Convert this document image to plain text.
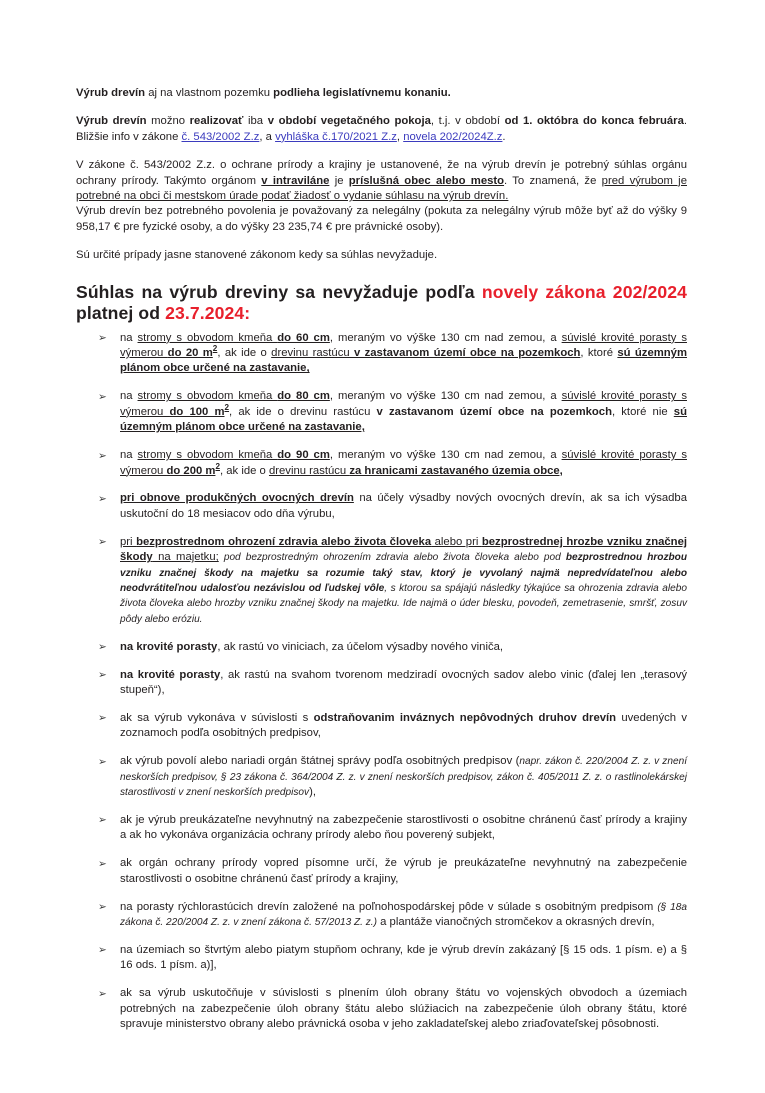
Výrub drevín aj na vlastnom pozemku podlieha legislatívnemu konaniu.

Výrub drevín možno realizovať iba v období vegetačného pokoja, t.j. v období od 1. októbra do konca februára. Bližšie info v zákone č. 543/2002 Z.z, a vyhláška č.170/2021 Z.z, novela 202/2024Z.z.

V zákone č. 543/2002 Z.z. o ochrane prírody a krajiny je ustanovené, že na výrub drevín je potrebný súhlas orgánu ochrany prírody. Takýmto orgánom v intraviláne je príslušná obec alebo mesto. To znamená, že pred výrubom je potrebné na obci či mestskom úrade podať žiadosť o vydanie súhlasu na výrub drevín.

Výrub drevín bez potrebného povolenia je považovaný za nelegálny (pokuta za nelegálny výrub môže byť až do výšky 9 958,17 € pre fyzické osoby, a do výšky 23 235,74 € pre právnické osoby).

Sú určité prípady jasne stanovené zákonom kedy sa súhlas nevyžaduje.

Súhlas na výrub dreviny sa nevyžaduje podľa novely zákona 202/2024 platnej od 23.7.2024:
➢	na stromy s obvodom kmeňa do 60 cm, meraným vo výške 130 cm nad zemou, a súvislé krovité porasty s výmerou do 20 $m^2$, ak ide o drevinu rastúcu v zastavanom území obce na pozemkoch, ktoré sú územným plánom obce určené na zastavanie,
➢	na stromy s obvodom kmeňa do 80 cm, meraným vo výške 130 cm nad zemou, a súvislé krovité porasty s výmerou do 100 $m^2$, ak ide o drevinu rastúcu v zastavanom území obce na pozemkoch, ktoré nie sú územným plánom obce určené na zastavanie,
➢	na stromy s obvodom kmeňa do 90 cm, meraným vo výške 130 cm nad zemou, a súvislé krovité porasty s výmerou do 200 $m^2$, ak ide o drevinu rastúcu za hranicami zastavaného územia obce,
➢	pri obnove produkčných ovocných drevín na účely výsadby nových ovocných drevín, ak sa ich výsadba uskutoční do 18 mesiacov odo dňa výrubu,
➢	pri bezprostrednom ohrození zdravia alebo života človeka alebo pri bezprostrednej hrozbe vzniku značnej škody na majetku; pod bezprostredným ohrozením zdravia alebo života človeka alebo pod bezprostrednou hrozbou vzniku značnej škody na majetku sa rozumie taký stav, ktorý je vyvolaný najmä nepredvídateľnou alebo neodvrátiteľnou udalosťou nezávislou od ľudskej vôle, s ktorou sa spájajú následky týkajúce sa ohrozenia zdravia alebo života človeka alebo hrozby vzniku značnej škody na majetku. Ide najmä o úder blesku, povodeň, zemetrasenie, smršť, zosuv pôdy alebo eróziu.
➢	na krovité porasty, ak rastú vo viniciach, za účelom výsadby nového viniča,
➢	na krovité porasty, ak rastú na svahom tvorenom medziradí ovocných sadov alebo vinic (ďalej len „terasový stupeň“),
➢	ak sa výrub vykonáva v súvislosti s odstraňovanim inváznych nepôvodných druhov drevín uvedených v zoznamoch podľa osobitných predpisov,
➢	ak výrub povolí alebo nariadi orgán štátnej správy podľa osobitných predpisov (napr. zákon č. 220/2004 Z. z. v znení neskorších predpisov, § 23 zákona č. 364/2004 Z. z. v znení neskorších predpisov, zákon č. 405/2011 Z. z. o rastlinolekárskej starostlivosti v znení neskorších predpisov),
➢	ak je výrub preukázateľne nevyhnutný na zabezpečenie starostlivosti o osobitne chránenú časť prírody a krajiny a ak ho vykonáva organizácia ochrany prírody alebo ňou poverený subjekt,
➢	ak orgán ochrany prírody vopred písomne určí, že výrub je preukázateľne nevyhnutný na zabezpečenie starostlivosti o osobitne chránenú časť prírody a krajiny,
➢	na porasty rýchlorastúcich drevín založené na poľnohospodárskej pôde v súlade s osobitným predpisom (§ 18a zákona č. 220/2004 Z. z. v znení zákona č. 57/2013 Z. z.) a plantáže vianočných stromčekov a okrasných drevín,
➢	na územiach so štvrtým alebo piatym stupňom ochrany, kde je výrub drevín zakázaný [§ 15 ods. 1 písm. e) a § 16 ods. 1 písm. a)],
➢	ak sa výrub uskutočňuje v súvislosti s plnením úloh obrany štátu vo vojenských obvodoch a územiach potrebných na zabezpečenie úloh obrany štátu alebo slúžiacich na zabezpečenie úloh obrany štátu, ktoré spravuje ministerstvo obrany alebo právnická osoba v jeho zakladateľskej alebo zriaďovateľskej pôsobnosti.
